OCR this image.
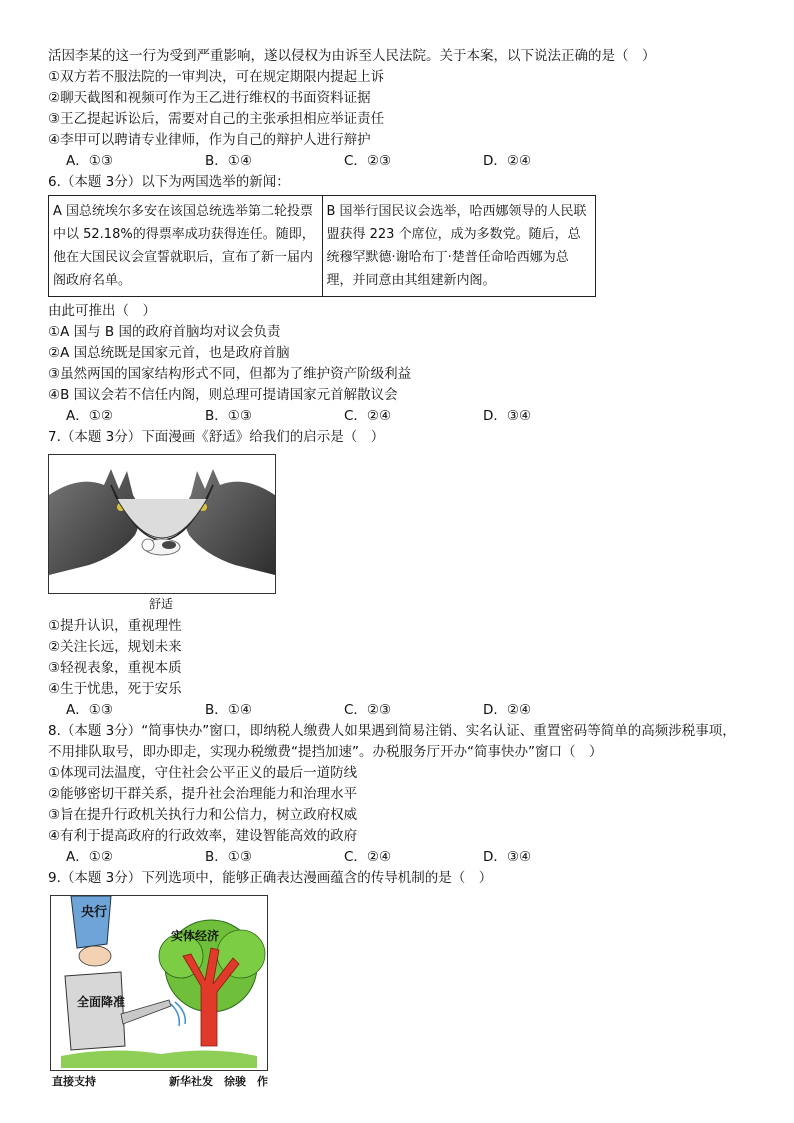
活因李某的这一行为受到严重影响，遂以侵权为由诉至人民法院。关于本案，以下说法正确的是（　）
①双方若不服法院的一审判决，可在规定期限内提起上诉
②聊天截图和视频可作为王乙进行维权的书面资料证据
③王乙提起诉讼后，需要对自己的主张承担相应举证责任
④李甲可以聘请专业律师，作为自己的辩护人进行辩护
A．①③	B．①④	C．②③	D．②④
6.（本题 3分）以下为两国选举的新闻：
A 国总统埃尔多安在该国总统选举第二轮投票中以 52.18%的得票率成功获得连任。随即，他在大国民议会宣誓就职后，宣布了新一届内阁政府名单。	B 国举行国民议会选举，哈西娜领导的人民联盟获得 223 个席位，成为多数党。随后，总统穆罕默德·谢哈布丁·楚普任命哈西娜为总理，并同意由其组建新内阁。
由此可推出（　）
①A 国与 B 国的政府首脑均对议会负责
②A 国总统既是国家元首，也是政府首脑
③虽然两国的国家结构形式不同，但都为了维护资产阶级利益
④B 国议会若不信任内阁，则总理可提请国家元首解散议会
A．①②	B．①③	C．②④	D．③④
7.（本题 3分）下面漫画《舒适》给我们的启示是（　）
舒适
①提升认识，重视理性
②关注长远，规划未来
③轻视表象，重视本质
④生于忧患，死于安乐
A．①③	B．①④	C．②③	D．②④
8.（本题 3分）“简事快办”窗口，即纳税人缴费人如果遇到简易注销、实名认证、重置密码等简单的高频涉税事项，
不用排队取号，即办即走，实现办税缴费“提挡加速”。办税服务厅开办“简事快办”窗口（　）
①体现司法温度，守住社会公平正义的最后一道防线
②能够密切干群关系，提升社会治理能力和治理水平
③旨在提升行政机关执行力和公信力，树立政府权威
④有利于提高政府的行政效率，建设智能高效的政府
A．①②	B．①③	C．②④	D．③④
9.（本题 3分）下列选项中，能够正确表达漫画蕴含的传导机制的是（　）
央行
全面降准
实体经济
直接支持	新华社发　徐骏　作
